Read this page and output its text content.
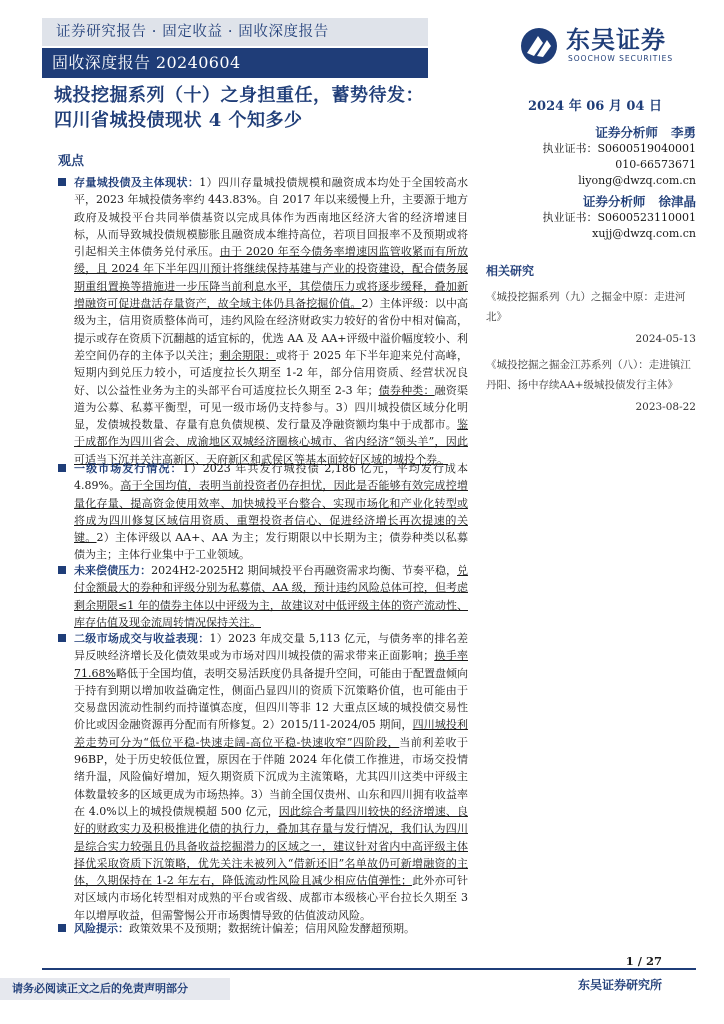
证券研究报告 · 固定收益 · 固收深度报告
固收深度报告 20240604
东吴证券
SOOCHOW SECURITIES
城投挖掘系列（十）之身担重任，蓄势待发：
四川省城投债现状 4 个知多少
2024 年 06 月 04 日
证券分析师 李勇
执业证书：S0600519040001
010-66573671
liyong@dwzq.com.cn
证券分析师 徐津晶
执业证书：S0600523110001
xujj@dwzq.com.cn
相关研究
《城投挖掘系列（九）之掘金中原：走进河北》
2024-05-13
《城投挖掘之掘金江苏系列（八）：走进镇江丹阳、扬中存续AA+级城投债发行主体》
2023-08-22
观点
存量城投债及主体现状：1）四川存量城投债规模和融资成本均处于全国较高水平，2023 年城投债务率约 443.83%。自 2017 年以来缓慢上升，主要源于地方政府及城投平台共同举债基资以完成具体作为西南地区经济大省的经济增速目标，从而导致城投债规模膨胀且融资成本维持高位，若项目回报率不及预期或将引起相关主体债务兑付承压。由于 2020 年至今债务率增速因监管收紧而有所放缓，且 2024 年下半年四川预计将继续保持基建与产业的投资建设，配合债务展期重组置换等措施进一步压降当前利息水平，其偿债压力或将逐步缓释，叠加新增融资可促进盘活存量资产，故全域主体仍具备挖掘价值。2）主体评级：以中高级为主，信用资质整体尚可，违约风险在经济财政实力较好的省份中相对偏高，提示或存在资质下沉翻越的适宜标的，优选 AA 及 AA+评级中溢价幅度较小、利差空间仍存的主体予以关注；剩余期限：或将于 2025 年下半年迎来兑付高峰，短期内到兑压力较小，可适度拉长久期至 1-2 年，部分信用资质、经营状况良好、以公益性业务为主的头部平台可适度拉长久期至 2-3 年；债券种类：融资渠道为公募、私募平衡型，可见一级市场仍支持参与。3）四川城投债区域分化明显，发债城投数量、存量有息负债规模、发行量及净融资额均集中于成都市。鉴于成都作为四川省会、成渝地区双城经济圈核心城市、省内经济“领头羊”，因此可适当下沉并关注高新区、天府新区和武侯区等基本面较好区域的城投个券。
一级市场发行情况：1）2023 年共发行城投债 2,186 亿元，平均发行成本 4.89%。高于全国均值，表明当前投资者仍存担忧，因此是否能够有效完成控增量化存量、提高资金使用效率、加快城投平台整合、实现市场化和产业化转型或将成为四川修复区域信用资质、重塑投资者信心、促进经济增长再次提速的关键。2）主体评级以 AA+、AA 为主；发行期限以中长期为主；债券种类以私募债为主；主体行业集中于工业领域。
未来偿债压力：2024H2-2025H2 期间城投平台再融资需求均衡、节奏平稳，兑付金额最大的券种和评级分别为私募债、AA 级，预计违约风险总体可控，但考虑剩余期限≤1 年的债券主体以中评级为主，故建议对中低评级主体的资产流动性、库存估值及现金流周转情况保持关注。
二级市场成交与收益表现：1）2023 年成交量 5,113 亿元，与债务率的排名差异反映经济增长及化债效果或为市场对四川城投债的需求带来正面影响；换手率 71.68%略低于全国均值，表明交易活跃度仍具备提升空间，可能由于配置盘倾向于持有到期以增加收益确定性，侧面凸显四川的资质下沉策略价值，也可能由于交易盘因流动性制约而持谨慎态度，但四川等非 12 大重点区域的城投债交易性价比或因金融资源再分配而有所修复。2）2015/11-2024/05 期间，四川城投利差走势可分为“低位平稳-快速走阔-高位平稳-快速收窄”四阶段，当前利差收于 96BP，处于历史较低位置，原因在于伴随 2024 年化债工作推进，市场交投情绪升温，风险偏好增加，短久期资质下沉成为主流策略，尤其四川这类中评级主体数量较多的区域更成为市场热捧。3）当前全国仅贵州、山东和四川拥有收益率在 4.0%以上的城投债规模超 500 亿元，因此综合考量四川较快的经济增速、良好的财政实力及积极推进化债的执行力，叠加其存量与发行情况，我们认为四川是综合实力较强且仍具备收益挖掘潜力的区域之一，建议针对省内中高评级主体择优采取资质下沉策略，优先关注未被列入“借新还旧”名单故仍可新增融资的主体，久期保持在 1-2 年左右，降低流动性风险且减少相应估值弹性；此外亦可针对区域内市场化转型相对成熟的平台或省级、成都市本级核心平台拉长久期至 3 年以增厚收益，但需警惕公开市场舆情导致的估值波动风险。
风险提示：政策效果不及预期；数据统计偏差；信用风险发酵超预期。
1 / 27
请务必阅读正文之后的免责声明部分	东吴证券研究所
